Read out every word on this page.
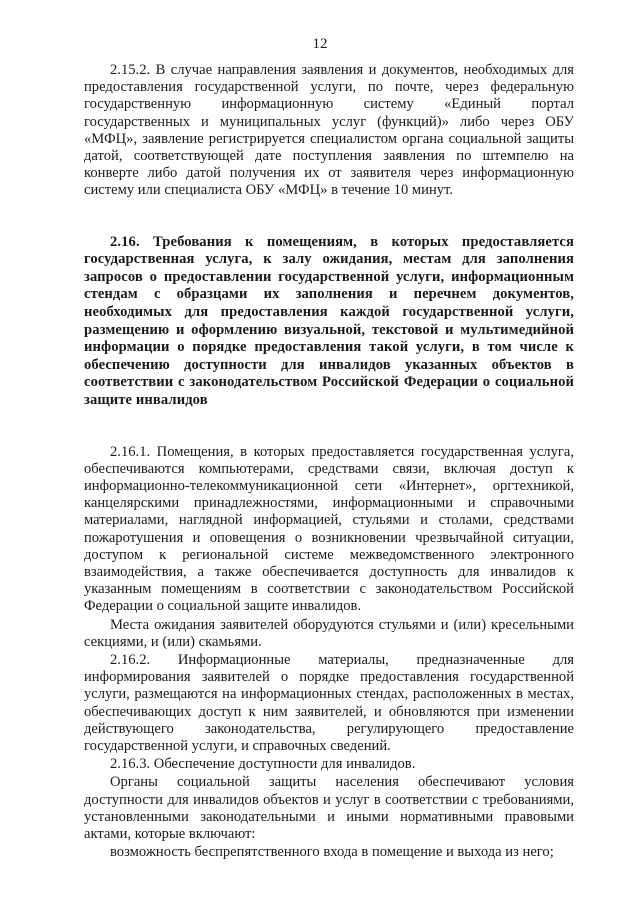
12

2.15.2. В случае направления заявления и документов, необходимых для предоставления государственной услуги, по почте, через федеральную государственную информационную систему «Единый портал государственных и муниципальных услуг (функций)» либо через ОБУ «МФЦ», заявление регистрируется специалистом органа социальной защиты датой, соответствующей дате поступления заявления по штемпелю на конверте либо датой получения их от заявителя через информационную систему или специалиста ОБУ «МФЦ» в течение 10 минут.

2.16. Требования к помещениям, в которых предоставляется государственная услуга, к залу ожидания, местам для заполнения запросов о предоставлении государственной услуги, информационным стендам с образцами их заполнения и перечнем документов, необходимых для предоставления каждой государственной услуги, размещению и оформлению визуальной, текстовой и мультимедийной информации о порядке предоставления такой услуги, в том числе к обеспечению доступности для инвалидов указанных объектов в соответствии с законодательством Российской Федерации о социальной защите инвалидов

2.16.1. Помещения, в которых предоставляется государственная услуга, обеспечиваются компьютерами, средствами связи, включая доступ к информационно-телекоммуникационной сети «Интернет», оргтехникой, канцелярскими принадлежностями, информационными и справочными материалами, наглядной информацией, стульями и столами, средствами пожаротушения и оповещения о возникновении чрезвычайной ситуации, доступом к региональной системе межведомственного электронного взаимодействия, а также обеспечивается доступность для инвалидов к указанным помещениям в соответствии с законодательством Российской Федерации о социальной защите инвалидов.

Места ожидания заявителей оборудуются стульями и (или) кресельными секциями, и (или) скамьями.

2.16.2. Информационные материалы, предназначенные для информирования заявителей о порядке предоставления государственной услуги, размещаются на информационных стендах, расположенных в местах, обеспечивающих доступ к ним заявителей, и обновляются при изменении действующего законодательства, регулирующего предоставление государственной услуги, и справочных сведений.

2.16.3. Обеспечение доступности для инвалидов.

Органы социальной защиты населения обеспечивают условия доступности для инвалидов объектов и услуг в соответствии с требованиями, установленными законодательными и иными нормативными правовыми актами, которые включают:

возможность беспрепятственного входа в помещение и выхода из него;
